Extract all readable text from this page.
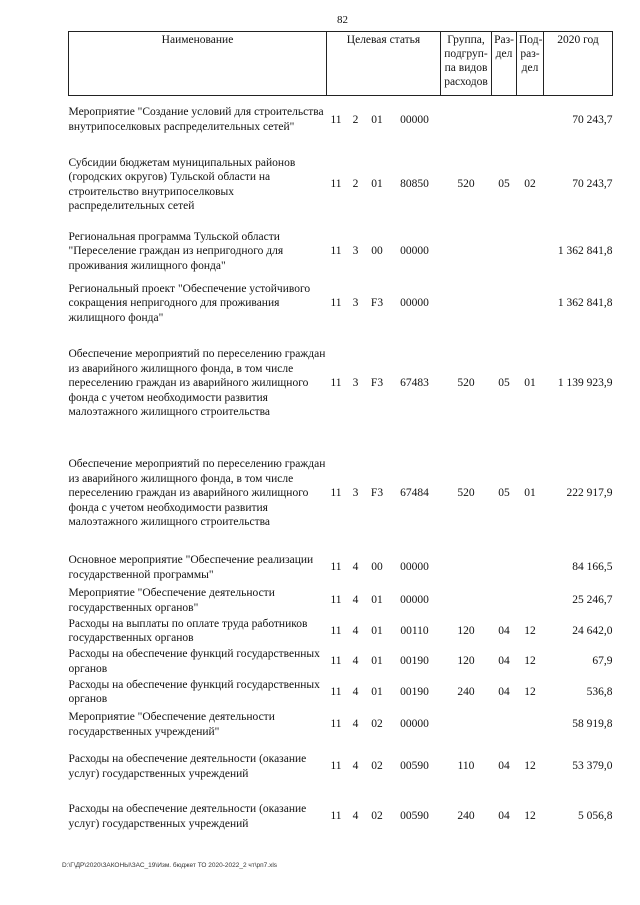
82
Наименование	Целевая статья				Группа, подгруп-па видов расходов	Раз-дел	Под-раз-дел	2020 год
Мероприятие "Создание условий для строительства внутрипоселковых распределительных сетей"	11	2	01	00000				70 243,7
Субсидии бюджетам муниципальных районов (городских округов) Тульской области на строительство внутрипоселковых распределительных сетей	11	2	01	80850	520	05	02	70 243,7
Региональная программа Тульской области "Переселение граждан из непригодного для проживания жилищного фонда"	11	3	00	00000				1 362 841,8
Региональный проект "Обеспечение устойчивого сокращения непригодного для проживания жилищного фонда"	11	3	F3	00000				1 362 841,8
Обеспечение мероприятий по переселению граждан из аварийного жилищного фонда, в том числе переселению граждан из аварийного жилищного фонда с учетом необходимости развития малоэтажного жилищного строительства	11	3	F3	67483	520	05	01	1 139 923,9
Обеспечение мероприятий по переселению граждан из аварийного жилищного фонда, в том числе переселению граждан из аварийного жилищного фонда с учетом необходимости развития малоэтажного жилищного строительства	11	3	F3	67484	520	05	01	222 917,9
Основное мероприятие "Обеспечение реализации государственной программы"	11	4	00	00000				84 166,5
Мероприятие "Обеспечение деятельности государственных органов"	11	4	01	00000				25 246,7
Расходы на выплаты по оплате труда работников государственных органов	11	4	01	00110	120	04	12	24 642,0
Расходы на обеспечение функций государственных органов	11	4	01	00190	120	04	12	67,9
Расходы на обеспечение функций государственных органов	11	4	01	00190	240	04	12	536,8
Мероприятие "Обеспечение деятельности государственных учреждений"	11	4	02	00000				58 919,8
Расходы на обеспечение деятельности (оказание услуг) государственных учреждений	11	4	02	00590	110	04	12	53 379,0
Расходы на обеспечение деятельности (оказание услуг) государственных учреждений	11	4	02	00590	240	04	12	5 056,8
D:\Г\ДР\2020\ЗАКОНЫ\ЗАС_19\Изм. бюджет ТО 2020-2022_2 чт\рп7.xls
